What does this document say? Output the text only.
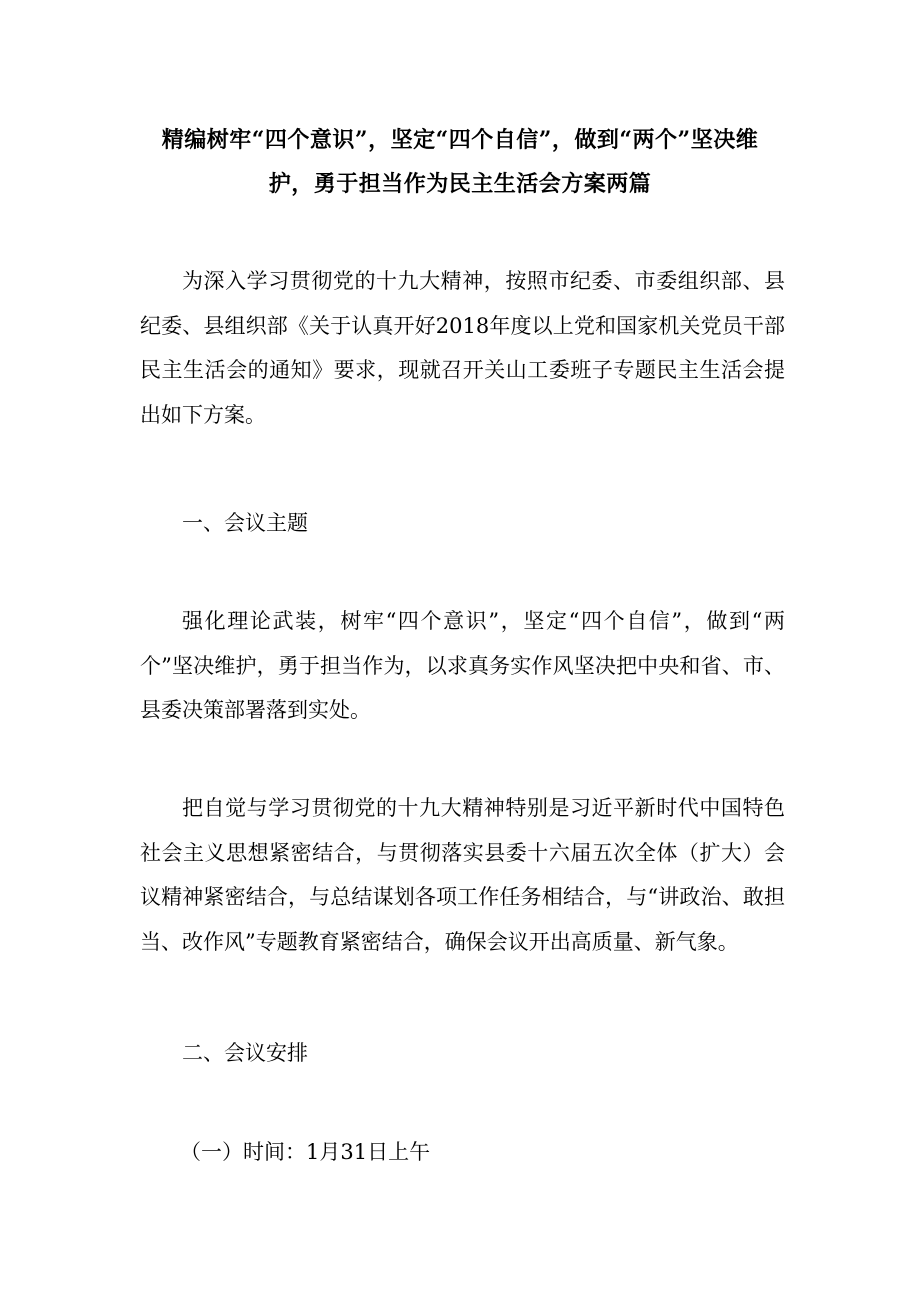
精编树牢“四个意识”，坚定“四个自信”，做到“两个”坚决维
护，勇于担当作为民主生活会方案两篇

为深入学习贯彻党的十九大精神，按照市纪委、市委组织部、县纪委、县组织部《关于认真开好2018年度以上党和国家机关党员干部民主生活会的通知》要求，现就召开关山工委班子专题民主生活会提出如下方案。

一、会议主题

强化理论武装，树牢“四个意识”，坚定“四个自信”，做到“两个”坚决维护，勇于担当作为，以求真务实作风坚决把中央和省、市、县委决策部署落到实处。

把自觉与学习贯彻党的十九大精神特别是习近平新时代中国特色社会主义思想紧密结合，与贯彻落实县委十六届五次全体（扩大）会议精神紧密结合，与总结谋划各项工作任务相结合，与“讲政治、敢担当、改作风”专题教育紧密结合，确保会议开出高质量、新气象。

二、会议安排

（一）时间：1月31日上午
